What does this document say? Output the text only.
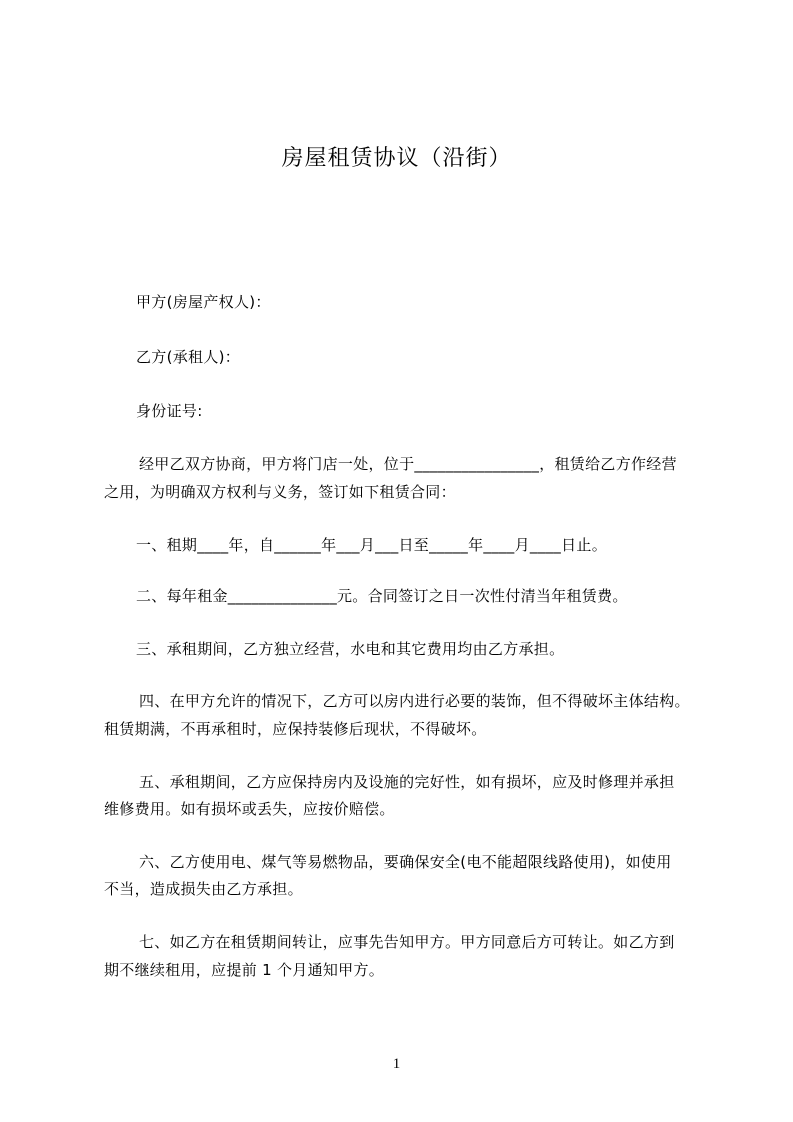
房屋租赁协议（沿街）
甲方(房屋产权人)：
乙方(承租人)：
身份证号:
经甲乙双方协商，甲方将门店一处，位于________________，租赁给乙方作经营
之用，为明确双方权利与义务，签订如下租赁合同：
一、租期____年，自______年___月___日至_____年____月____日止。
二、每年租金______________元。合同签订之日一次性付清当年租赁费。
三、承租期间，乙方独立经营，水电和其它费用均由乙方承担。
四、在甲方允许的情况下，乙方可以房内进行必要的装饰，但不得破坏主体结构。
租赁期满，不再承租时，应保持装修后现状，不得破坏。
五、承租期间，乙方应保持房内及设施的完好性，如有损坏，应及时修理并承担
维修费用。如有损坏或丢失，应按价赔偿。
六、乙方使用电、煤气等易燃物品，要确保安全(电不能超限线路使用)，如使用
不当，造成损失由乙方承担。
七、如乙方在租赁期间转让，应事先告知甲方。甲方同意后方可转让。如乙方到
期不继续租用，应提前 1 个月通知甲方。
1
